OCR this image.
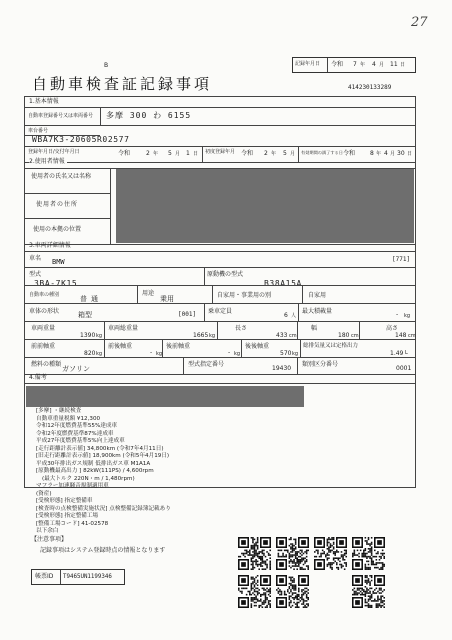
27
B
自動車検査証記録事項
記録年月日 令和 7 年 4 月 11 日
414230133289
1.基本情報
自動車登録番号又は車両番号 多摩 300 わ 6155
車台番号
WBA7K3-20605R02577
登録年月日/交付年月日	令和	2 年 5 月 1 日 初度登録年月 令和 2 年 5 月 有効期間の満了する日 令和 8 年 4 月 30 日
2.使用者情報
使用者の氏名又は名称
使用者の住所
使用の本拠の位置
3.車両詳細情報
車名 BMW	[771]
型式
3BA-7K15
原動機の型式
B38A15A
自動車の種別	普通
用途
乗用	自家用・事業用の別	自家用
車体の形状	箱型	[001] 乗車定員
6 人
最大積載量	- kg
車両重量
1390 kg
車両総重量
1665 kg
長さ
433 cm
幅
180 cm
高さ
148 cm
前前軸重
820 kg
前後軸重
- kg
後前軸重
- kg
後後軸重
570 kg
総排気量又は定格出力
1.49 L
燃料の種類
ガソリン
型式指定番号
19430
類別区分番号
0001
4.備考
[多摩] ・継続検査
自動車重量税額 ¥12,300
令和12年度燃費基準55%達成車
令和2年度燃費基準87%達成車
平成27年度燃費基準5%向上達成車
[走行距離計表示値] 34,800km (令和7年4月11日)
[旧走行距離計表示値] 18,900km (令和5年4月19日)
平成30年排出ガス規制 低排出ガス車 M1A1A
[原動機最高出力 ] 82kW(111PS) / 4,600rpm
(最大トルク 220N・m / 1,480rpm)
マフラー加速騒音規制適用車
(資産)
[受検形態] 指定整備車
[検査時の点検整備実施状況] 点検整備記録簿記載あり
[受検形態] 指定整備工場
[整備工場コード] 41-02578
以下余白
【注意事項】
記録事項はシステム登録時点の情報となります
帳票ID T9465UN1199346
